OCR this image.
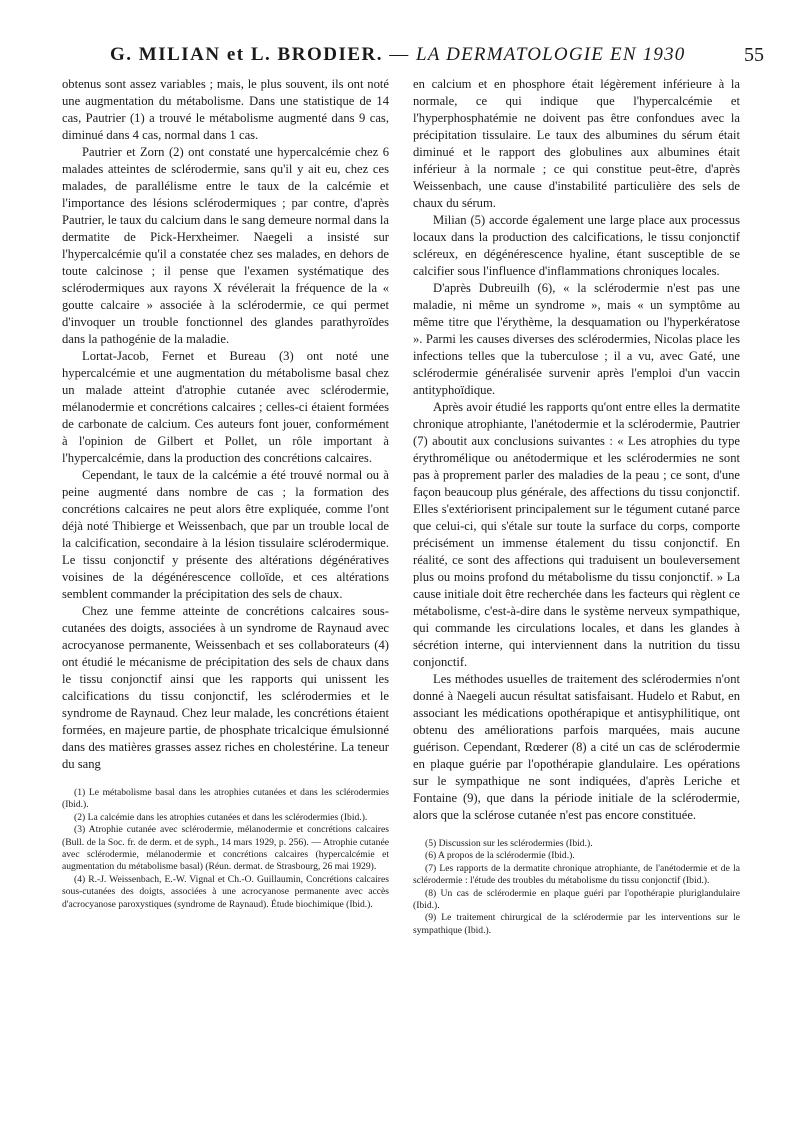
G. MILIAN et L. BRODIER. — LA DERMATOLOGIE EN 1930	55

obtenus sont assez variables ; mais, le plus souvent, ils ont noté une augmentation du métabolisme. Dans une statistique de 14 cas, Pautrier (1) a trouvé le métabolisme augmenté dans 9 cas, diminué dans 4 cas, normal dans 1 cas.

Pautrier et Zorn (2) ont constaté une hypercalcémie chez 6 malades atteintes de sclérodermie, sans qu'il y ait eu, chez ces malades, de parallélisme entre le taux de la calcémie et l'importance des lésions sclérodermiques ; par contre, d'après Pautrier, le taux du calcium dans le sang demeure normal dans la dermatite de Pick-Herxheimer. Naegeli a insisté sur l'hypercalcémie qu'il a constatée chez ses malades, en dehors de toute calcinose ; il pense que l'examen systématique des sclérodermiques aux rayons X révélerait la fréquence de la « goutte calcaire » associée à la sclérodermie, ce qui permet d'invoquer un trouble fonctionnel des glandes parathyroïdes dans la pathogénie de la maladie.

Lortat-Jacob, Fernet et Bureau (3) ont noté une hypercalcémie et une augmentation du métabolisme basal chez un malade atteint d'atrophie cutanée avec sclérodermie, mélanodermie et concrétions calcaires ; celles-ci étaient formées de carbonate de calcium. Ces auteurs font jouer, conformément à l'opinion de Gilbert et Pollet, un rôle important à l'hypercalcémie, dans la production des concrétions calcaires.

Cependant, le taux de la calcémie a été trouvé normal ou à peine augmenté dans nombre de cas ; la formation des concrétions calcaires ne peut alors être expliquée, comme l'ont déjà noté Thibierge et Weissenbach, que par un trouble local de la calcification, secondaire à la lésion tissulaire sclérodermique. Le tissu conjonctif y présente des altérations dégénératives voisines de la dégénérescence colloïde, et ces altérations semblent commander la précipitation des sels de chaux.

Chez une femme atteinte de concrétions calcaires sous-cutanées des doigts, associées à un syndrome de Raynaud avec acrocyanose permanente, Weissenbach et ses collaborateurs (4) ont étudié le mécanisme de précipitation des sels de chaux dans le tissu conjonctif ainsi que les rapports qui unissent les calcifications du tissu conjonctif, les sclérodermies et le syndrome de Raynaud. Chez leur malade, les concrétions étaient formées, en majeure partie, de phosphate tricalcique émulsionné dans des matières grasses assez riches en cholestérine. La teneur du sang

(1) Le métabolisme basal dans les atrophies cutanées et dans les sclérodermies (Ibid.).

(2) La calcémie dans les atrophies cutanées et dans les sclérodermies (Ibid.).

(3) Atrophie cutanée avec sclérodermie, mélanodermie et concrétions calcaires (Bull. de la Soc. fr. de derm. et de syph., 14 mars 1929, p. 256). — Atrophie cutanée avec sclérodermie, mélanodermie et concrétions calcaires (hypercalcémie et augmentation du métabolisme basal) (Réun. dermat. de Strasbourg, 26 mai 1929).

(4) R.-J. Weissenbach, E.-W. Vignal et Ch.-O. Guillaumin, Concrétions calcaires sous-cutanées des doigts, associées à une acrocyanose permanente avec accès d'acrocyanose paroxystiques (syndrome de Raynaud). Étude biochimique (Ibid.).

en calcium et en phosphore était légèrement inférieure à la normale, ce qui indique que l'hypercalcémie et l'hyperphosphatémie ne doivent pas être confondues avec la précipitation tissulaire. Le taux des albumines du sérum était diminué et le rapport des globulines aux albumines était inférieur à la normale ; ce qui constitue peut-être, d'après Weissenbach, une cause d'instabilité particulière des sels de chaux du sérum.

Milian (5) accorde également une large place aux processus locaux dans la production des calcifications, le tissu conjonctif scléreux, en dégénérescence hyaline, étant susceptible de se calcifier sous l'influence d'inflammations chroniques locales.

D'après Dubreuilh (6), « la sclérodermie n'est pas une maladie, ni même un syndrome », mais « un symptôme au même titre que l'érythème, la desquamation ou l'hyperkératose ». Parmi les causes diverses des sclérodermies, Nicolas place les infections telles que la tuberculose ; il a vu, avec Gaté, une sclérodermie généralisée survenir après l'emploi d'un vaccin antityphoïdique.

Après avoir étudié les rapports qu'ont entre elles la dermatite chronique atrophiante, l'anétodermie et la sclérodermie, Pautrier (7) aboutit aux conclusions suivantes : « Les atrophies du type érythromélique ou anétodermique et les sclérodermies ne sont pas à proprement parler des maladies de la peau ; ce sont, d'une façon beaucoup plus générale, des affections du tissu conjonctif. Elles s'extériorisent principalement sur le tégument cutané parce que celui-ci, qui s'étale sur toute la surface du corps, comporte précisément un immense étalement du tissu conjonctif. En réalité, ce sont des affections qui traduisent un bouleversement plus ou moins profond du métabolisme du tissu conjonctif. » La cause initiale doit être recherchée dans les facteurs qui règlent ce métabolisme, c'est-à-dire dans le système nerveux sympathique, qui commande les circulations locales, et dans les glandes à sécrétion interne, qui interviennent dans la nutrition du tissu conjonctif.

Les méthodes usuelles de traitement des sclérodermies n'ont donné à Naegeli aucun résultat satisfaisant. Hudelo et Rabut, en associant les médications opothérapique et antisyphilitique, ont obtenu des améliorations parfois marquées, mais aucune guérison. Cependant, Rœderer (8) a cité un cas de sclérodermie en plaque guérie par l'opothérapie glandulaire. Les opérations sur le sympathique ne sont indiquées, d'après Leriche et Fontaine (9), que dans la période initiale de la sclérodermie, alors que la sclérose cutanée n'est pas encore constituée.

(5) Discussion sur les sclérodermies (Ibid.).

(6) A propos de la sclérodermie (Ibid.).

(7) Les rapports de la dermatite chronique atrophiante, de l'anétodermie et de la sclérodermie : l'étude des troubles du métabolisme du tissu conjonctif (Ibid.).

(8) Un cas de sclérodermie en plaque guéri par l'opothérapie pluriglandulaire (Ibid.).

(9) Le traitement chirurgical de la sclérodermie par les interventions sur le sympathique (Ibid.).
